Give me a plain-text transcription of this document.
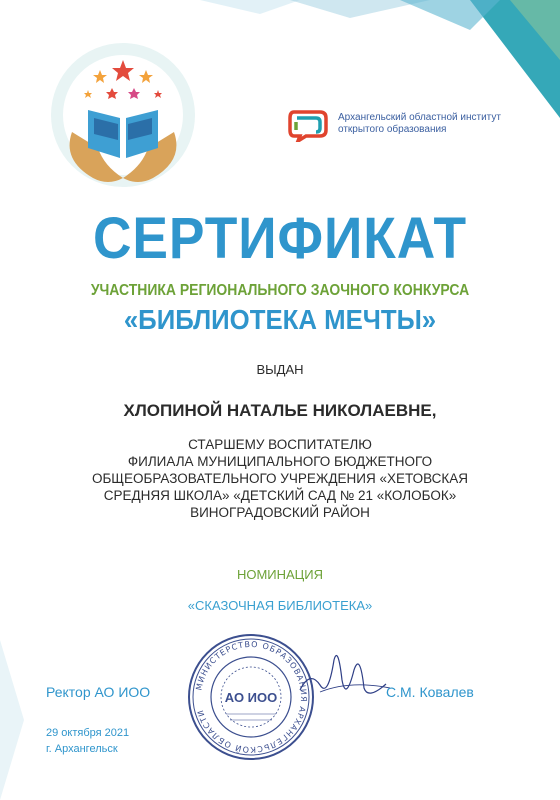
Архангельский областной институт
открытого образования
СЕРТИФИКАТ
УЧАСТНИКА РЕГИОНАЛЬНОГО ЗАОЧНОГО КОНКУРСА
«БИБЛИОТЕКА МЕЧТЫ»
ВЫДАН
ХЛОПИНОЙ НАТАЛЬЕ НИКОЛАЕВНЕ,
СТАРШЕМУ ВОСПИТАТЕЛЮ
ФИЛИАЛА МУНИЦИПАЛЬНОГО БЮДЖЕТНОГО
ОБЩЕОБРАЗОВАТЕЛЬНОГО УЧРЕЖДЕНИЯ «ХЕТОВСКАЯ
СРЕДНЯЯ ШКОЛА» «ДЕТСКИЙ САД № 21 «КОЛОБОК»
ВИНОГРАДОВСКИЙ РАЙОН
НОМИНАЦИЯ
«СКАЗОЧНАЯ БИБЛИОТЕКА»
МИНИСТЕРСТВО ОБРАЗОВАНИЯ АРХАНГЕЛЬСКОЙ ОБЛАСТИ
АО ИОО
Ректор АО ИОО	С.М. Ковалев
29 октября 2021
г. Архангельск
